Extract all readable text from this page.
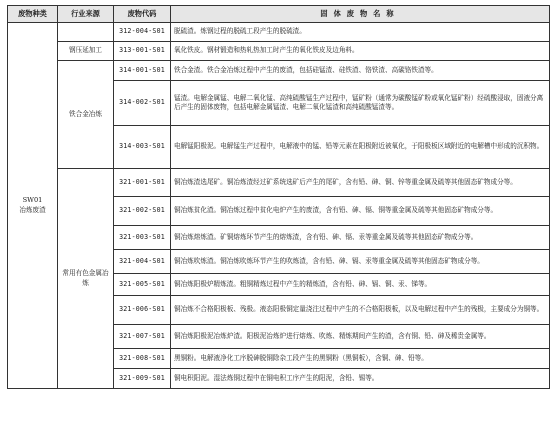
废物种类	行业来源	废物代码	固体废物名称
SW01
冶炼废渣		312-004-S01	脱硫渣。炼钢过程的脱硫工段产生的脱硫渣。
	钢压延加工	313-001-S01	氧化铁皮。钢材锻造和热轧热加工时产生的氧化铁皮及边角料。
	铁合金冶炼	314-001-S01	铁合金渣。铁合金冶炼过程中产生的废渣，包括硅锰渣、硅铁渣、铬铁渣、高碳铬铁渣等。
		314-002-S01	锰渣。电解金属锰、电解二氧化锰、高纯硫酸锰生产过程中，锰矿粉（通常为碳酸锰矿粉或氧化锰矿粉）经硫酸浸取，固液分离后产生的固体废物，包括电解金属锰渣、电解二氧化锰渣和高纯硫酸锰渣等。
		314-003-S01	电解锰阳极泥。电解锰生产过程中，电解液中的锰、铅等元素在阳极附近被氧化，于阳极板区域附近的电解槽中形成的沉积物。
	常用有色金属冶炼	321-001-S01	铜冶炼渣选尾矿。铜冶炼渣经过矿系统选矿后产生的尾矿，含有铅、砷、铜、锌等重金属及硫等其他固态矿物成分等。
		321-002-S01	铜冶炼贫化渣。铜冶炼过程中贫化电炉产生的废渣，含有铅、砷、镉、铜等重金属及硫等其他固态矿物成分等。
		321-003-S01	铜冶炼熔炼渣。矿铜熔炼环节产生的熔炼渣，含有铅、砷、镉、汞等重金属及硫等其他固态矿物成分等。
		321-004-S01	铜冶炼吹炼渣。铜冶炼吹炼环节产生的吹炼渣，含有铅、砷、镉、汞等重金属及硫等其他固态矿物成分等。
		321-005-S01	铜冶炼阳极炉精炼渣。粗铜精炼过程中产生的精炼渣，含有铅、砷、镉、铜、汞、锑等。
		321-006-S01	铜冶炼不合格阳极板、残极。液态阳极铜定量浇注过程中产生的不合格阳极板，以及电解过程中产生的残极，主要成分为铜等。
		321-007-S01	铜冶炼阳极泥冶炼炉渣。阳极泥冶炼炉进行熔炼、吹炼、精炼期间产生的渣，含有铜、铅、砷及稀贵金属等。
		321-008-S01	黑铜粉。电解液净化工序脱砷脱铜除杂工段产生的黑铜粉（黑铜板），含铜、砷、铅等。
		321-009-S01	铜电积阳泥。湿法炼铜过程中在铜电积工序产生的阳泥，含铅、锡等。
